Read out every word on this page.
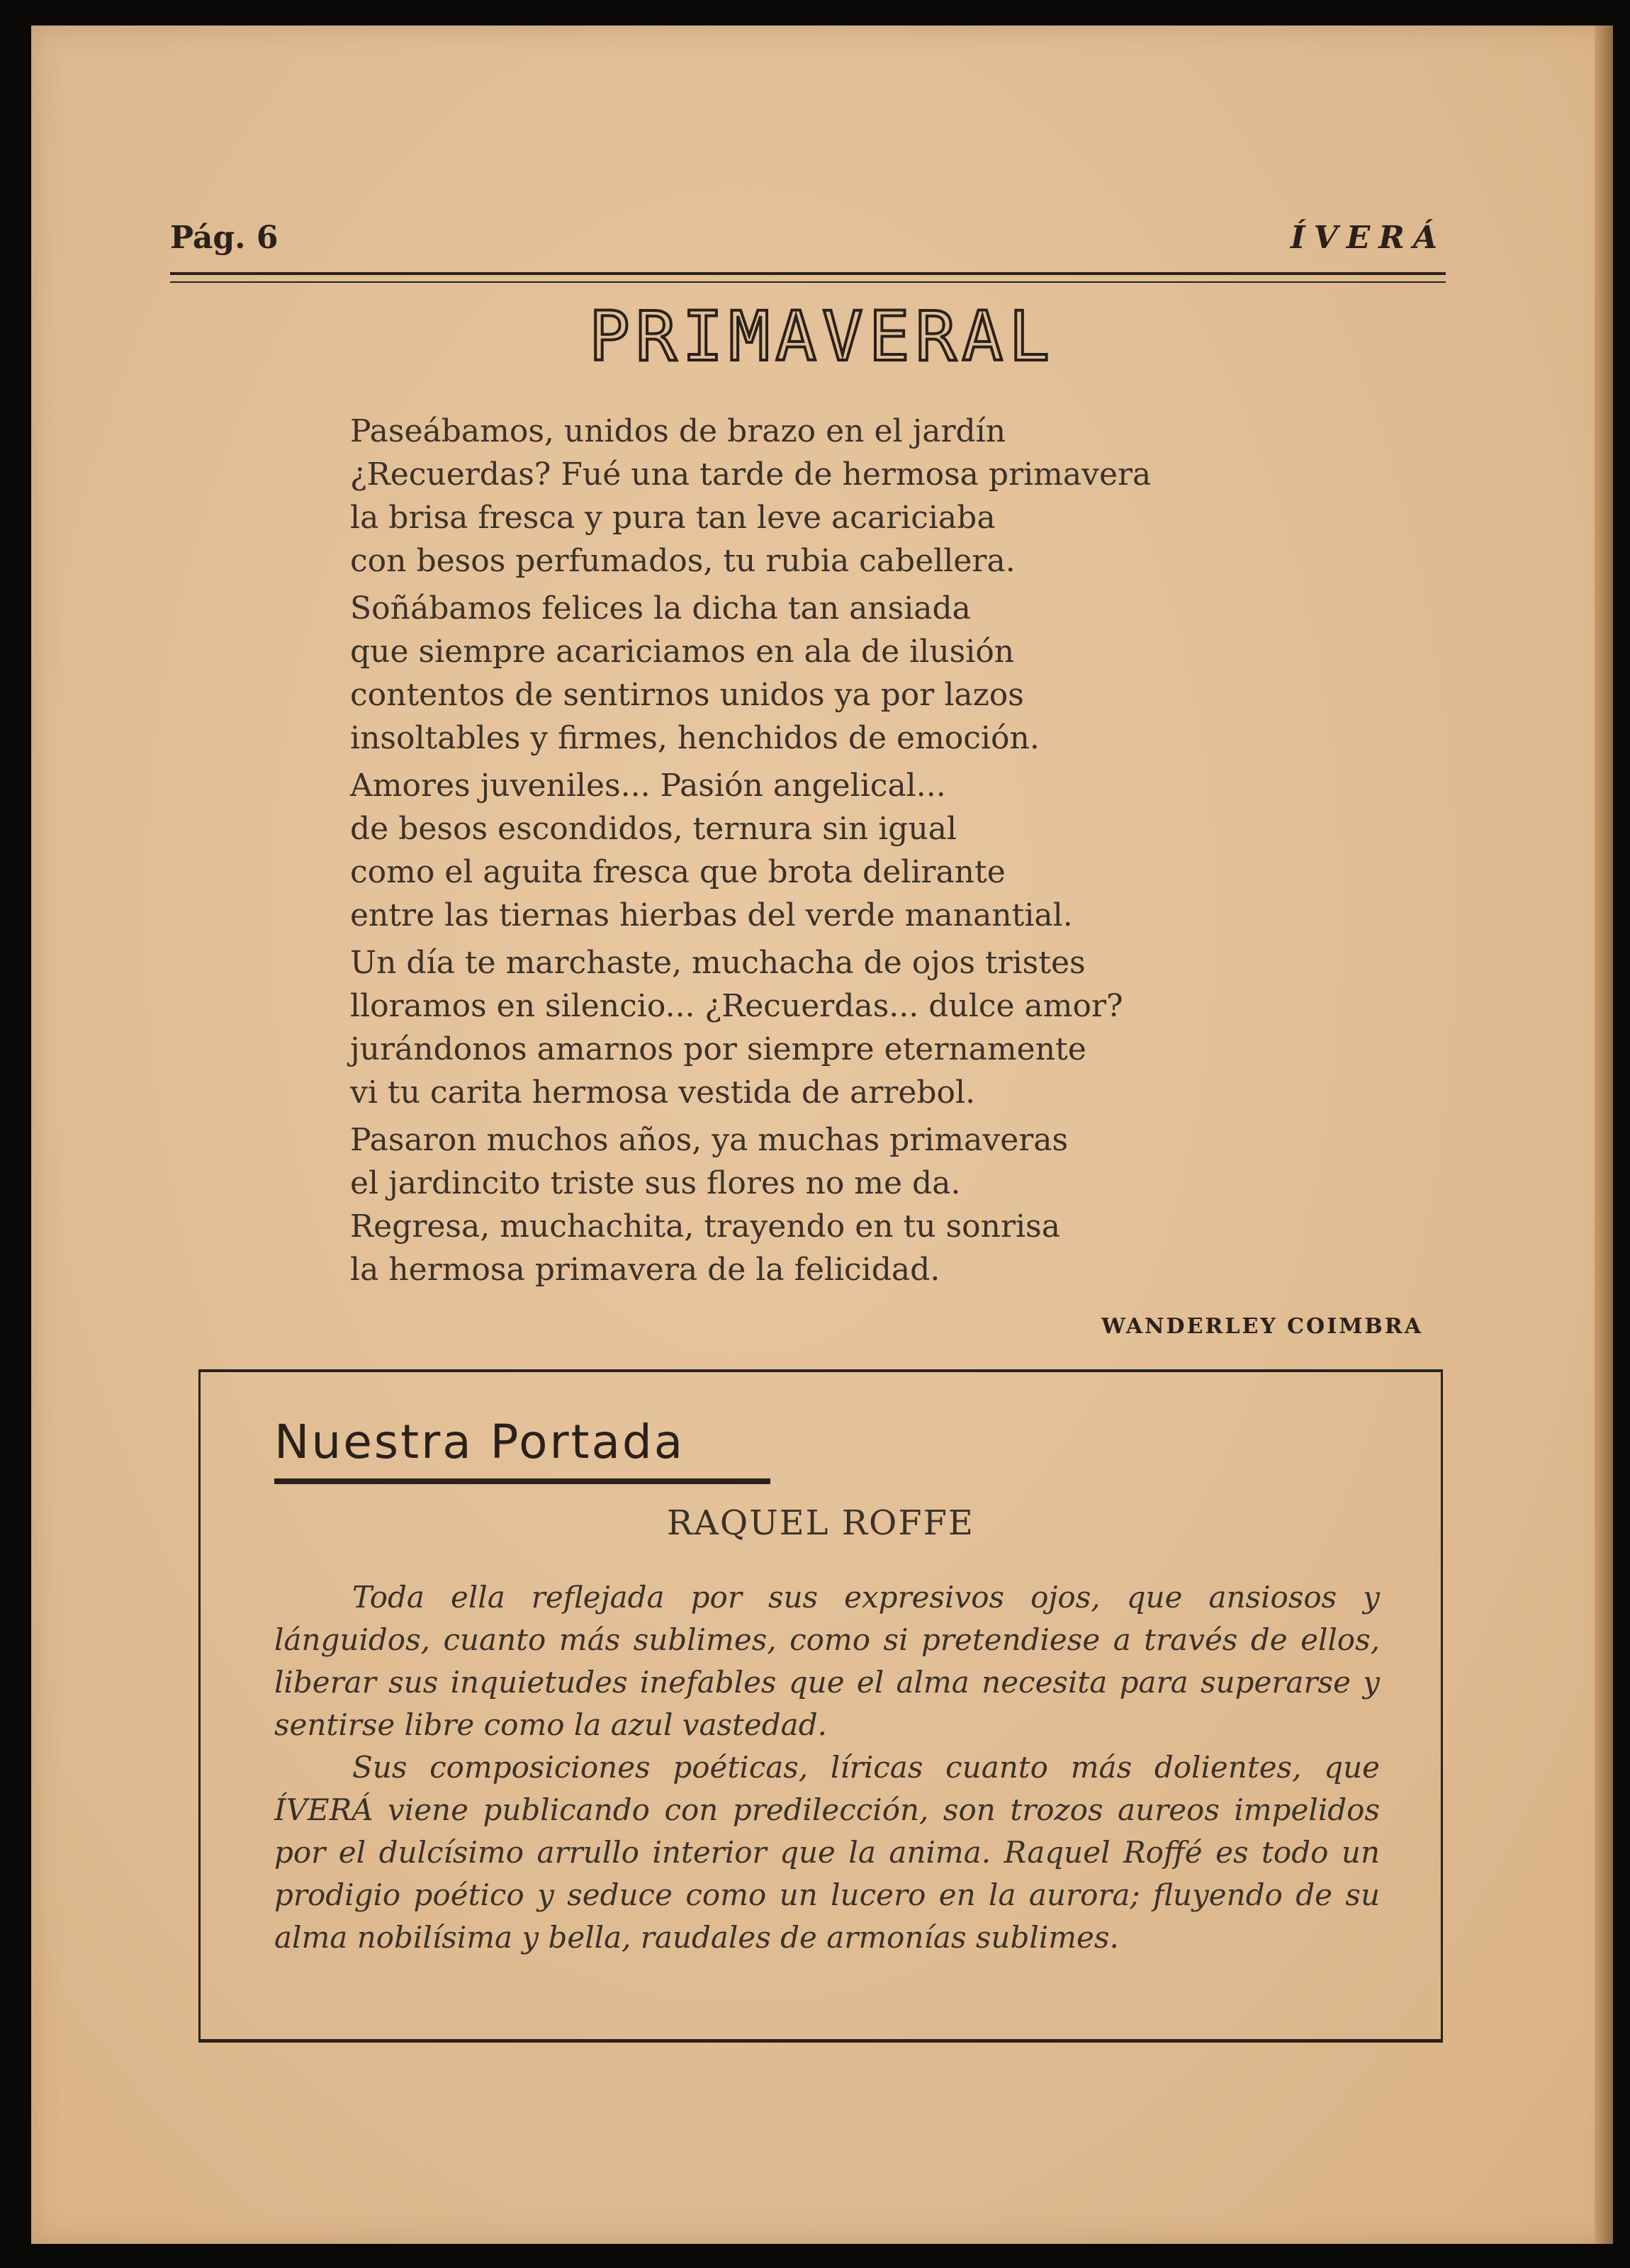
Pág. 6	ÍVERÁ
PRIMAVERAL
Paseábamos, unidos de brazo en el jardín
¿Recuerdas? Fué una tarde de hermosa primavera
la brisa fresca y pura tan leve acariciaba
con besos perfumados, tu rubia cabellera.
Soñábamos felices la dicha tan ansiada
que siempre acariciamos en ala de ilusión
contentos de sentirnos unidos ya por lazos
insoltables y firmes, henchidos de emoción.
Amores juveniles... Pasión angelical...
de besos escondidos, ternura sin igual
como el aguita fresca que brota delirante
entre las tiernas hierbas del verde manantial.
Un día te marchaste, muchacha de ojos tristes
lloramos en silencio... ¿Recuerdas... dulce amor?
jurándonos amarnos por siempre eternamente
vi tu carita hermosa vestida de arrebol.
Pasaron muchos años, ya muchas primaveras
el jardincito triste sus flores no me da.
Regresa, muchachita, trayendo en tu sonrisa
la hermosa primavera de la felicidad.
WANDERLEY COIMBRA
Nuestra Portada
RAQUEL ROFFE

Toda ella reflejada por sus expresivos ojos, que ansiosos y lánguidos, cuanto más sublimes, como si pretendiese a través de ellos, liberar sus inquietudes inefables que el alma necesita para superarse y sentirse libre como la azul vastedad.

Sus composiciones poéticas, líricas cuanto más dolientes, que ÍVERÁ viene publicando con predilección, son trozos aureos impelidos por el dulcísimo arrullo interior que la anima. Raquel Roffé es todo un prodigio poético y seduce como un lucero en la aurora; fluyendo de su alma nobilísima y bella, raudales de armonías sublimes.
